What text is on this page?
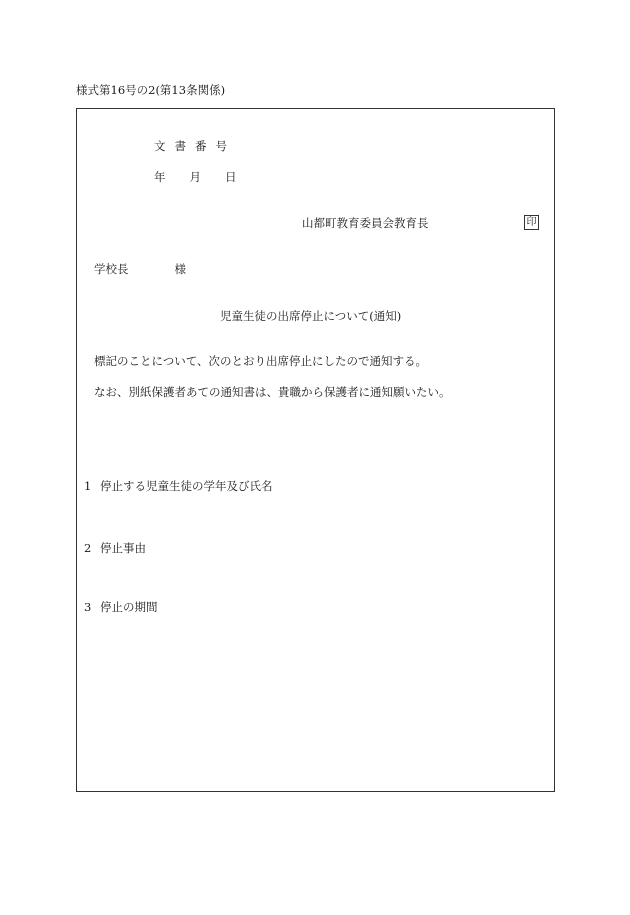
様式第16号の2(第13条関係)
文書番号
年 月 日
山都町教育委員会教育長	印
学校長	様
児童生徒の出席停止について(通知)
標記のことについて、次のとおり出席停止にしたので通知する。
なお、別紙保護者あての通知書は、貴職から保護者に通知願いたい。
1 停止する児童生徒の学年及び氏名
2 停止事由
3 停止の期間
